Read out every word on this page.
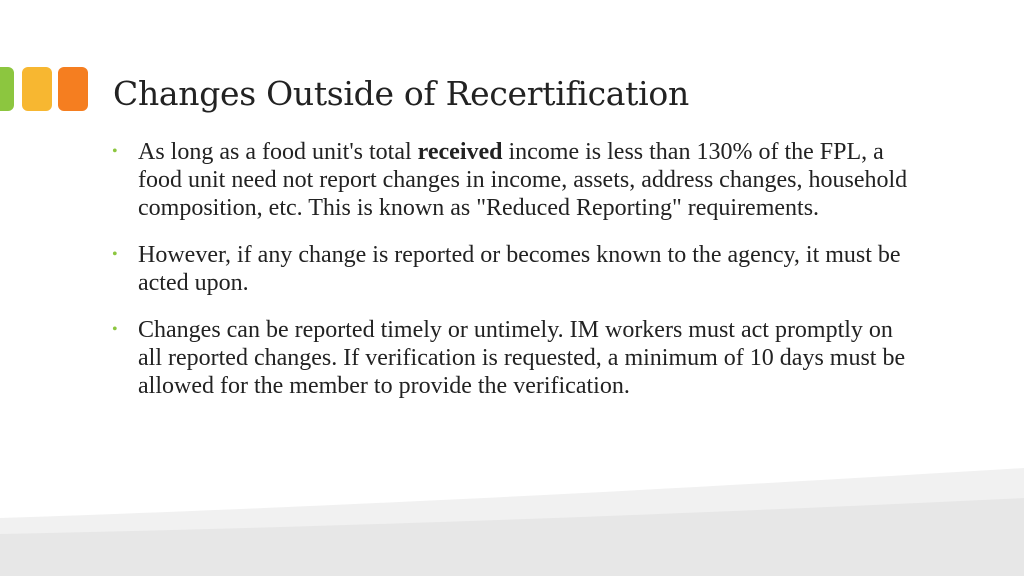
Changes Outside of Recertification
• As long as a food unit's total received income is less than 130% of the FPL, a food unit need not report changes in income, assets, address changes, household composition, etc. This is known as "Reduced Reporting" requirements.
• However, if any change is reported or becomes known to the agency, it must be acted upon.
• Changes can be reported timely or untimely. IM workers must act promptly on all reported changes. If verification is requested, a minimum of 10 days must be allowed for the member to provide the verification.
